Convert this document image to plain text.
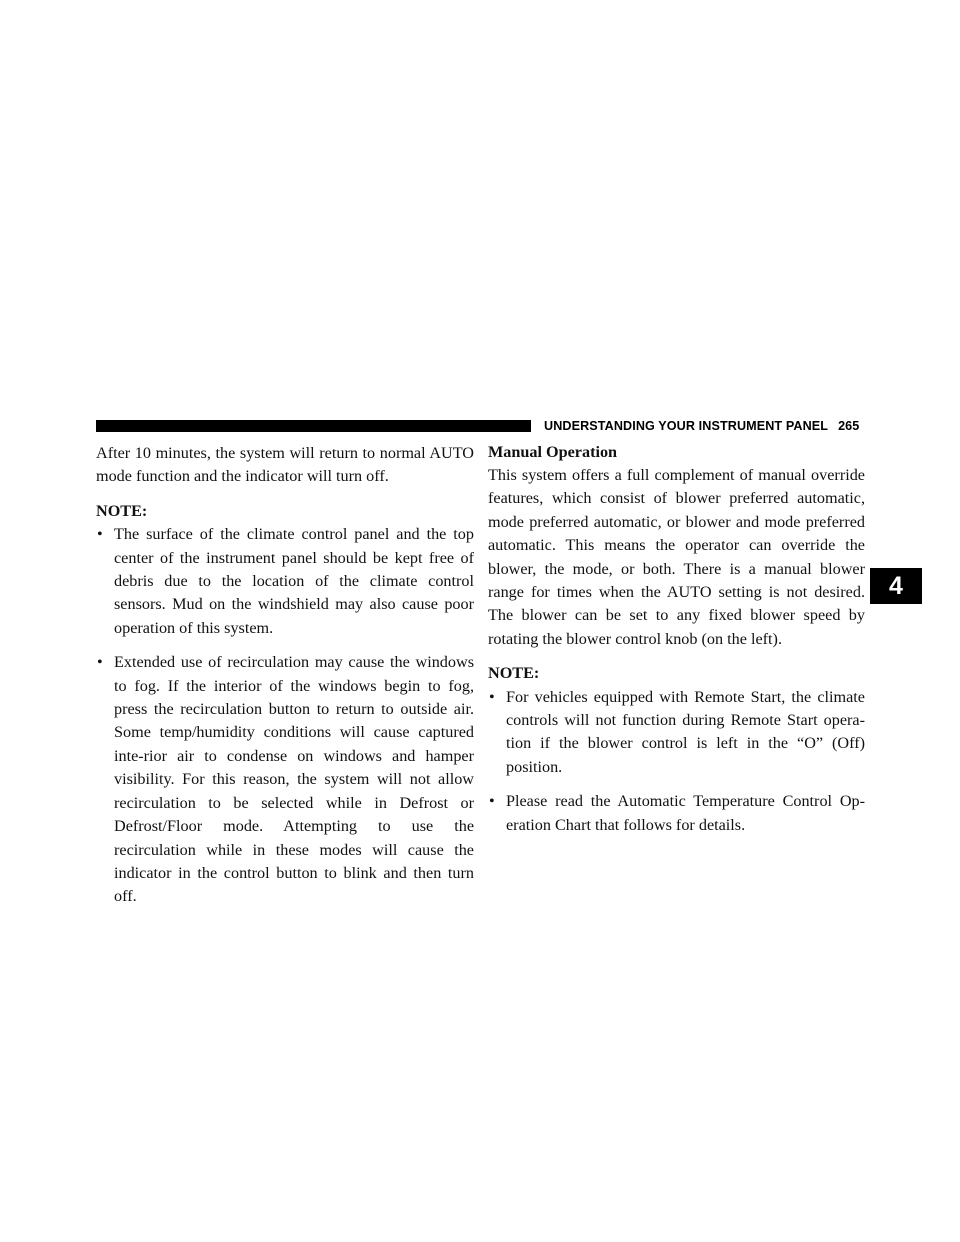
UNDERSTANDING YOUR INSTRUMENT PANEL 265
4

After 10 minutes, the system will return to normal AUTO mode function and the indicator will turn off.

NOTE:

• The surface of the climate control panel and the top center of the instrument panel should be kept free of debris due to the location of the climate control sensors. Mud on the windshield may also cause poor operation of this system.
• Extended use of recirculation may cause the windows to fog. If the interior of the windows begin to fog, press the recirculation button to return to outside air. Some temp/humidity conditions will cause captured inte-rior air to condense on windows and hamper visibility. For this reason, the system will not allow recirculation to be selected while in Defrost or Defrost/Floor mode. Attempting to use the recirculation while in these modes will cause the indicator in the control button to blink and then turn off.

Manual Operation

This system offers a full complement of manual override features, which consist of blower preferred automatic, mode preferred automatic, or blower and mode preferred automatic. This means the operator can override the blower, the mode, or both. There is a manual blower range for times when the AUTO setting is not desired. The blower can be set to any fixed blower speed by rotating the blower control knob (on the left).

NOTE:

• For vehicles equipped with Remote Start, the climate controls will not function during Remote Start opera-tion if the blower control is left in the “O” (Off) position.
• Please read the Automatic Temperature Control Op-eration Chart that follows for details.
